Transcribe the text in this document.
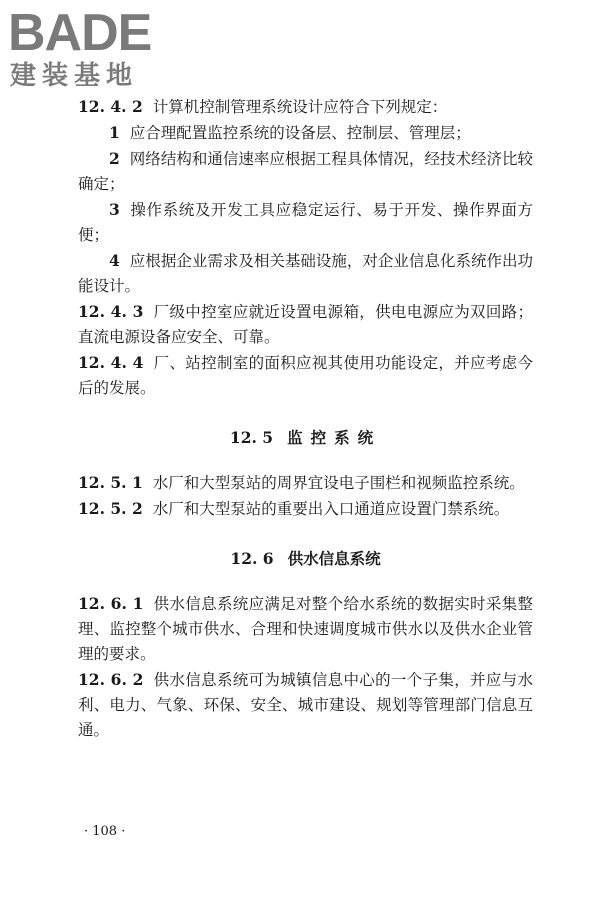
BADE
建装基地

12. 4. 2 计算机控制管理系统设计应符合下列规定：

1 应合理配置监控系统的设备层、控制层、管理层；

2 网络结构和通信速率应根据工程具体情况，经技术经济比较确定；

3 操作系统及开发工具应稳定运行、易于开发、操作界面方便；

4 应根据企业需求及相关基础设施，对企业信息化系统作出功能设计。

12. 4. 3 厂级中控室应就近设置电源箱，供电电源应为双回路；直流电源设备应安全、可靠。

12. 4. 4 厂、站控制室的面积应视其使用功能设定，并应考虑今后的发展。

12. 5 监控系统

12. 5. 1 水厂和大型泵站的周界宜设电子围栏和视频监控系统。

12. 5. 2 水厂和大型泵站的重要出入口通道应设置门禁系统。

12. 6 供水信息系统

12. 6. 1 供水信息系统应满足对整个给水系统的数据实时采集整理、监控整个城市供水、合理和快速调度城市供水以及供水企业管理的要求。

12. 6. 2 供水信息系统可为城镇信息中心的一个子集，并应与水利、电力、气象、环保、安全、城市建设、规划等管理部门信息互通。

· 108 ·
